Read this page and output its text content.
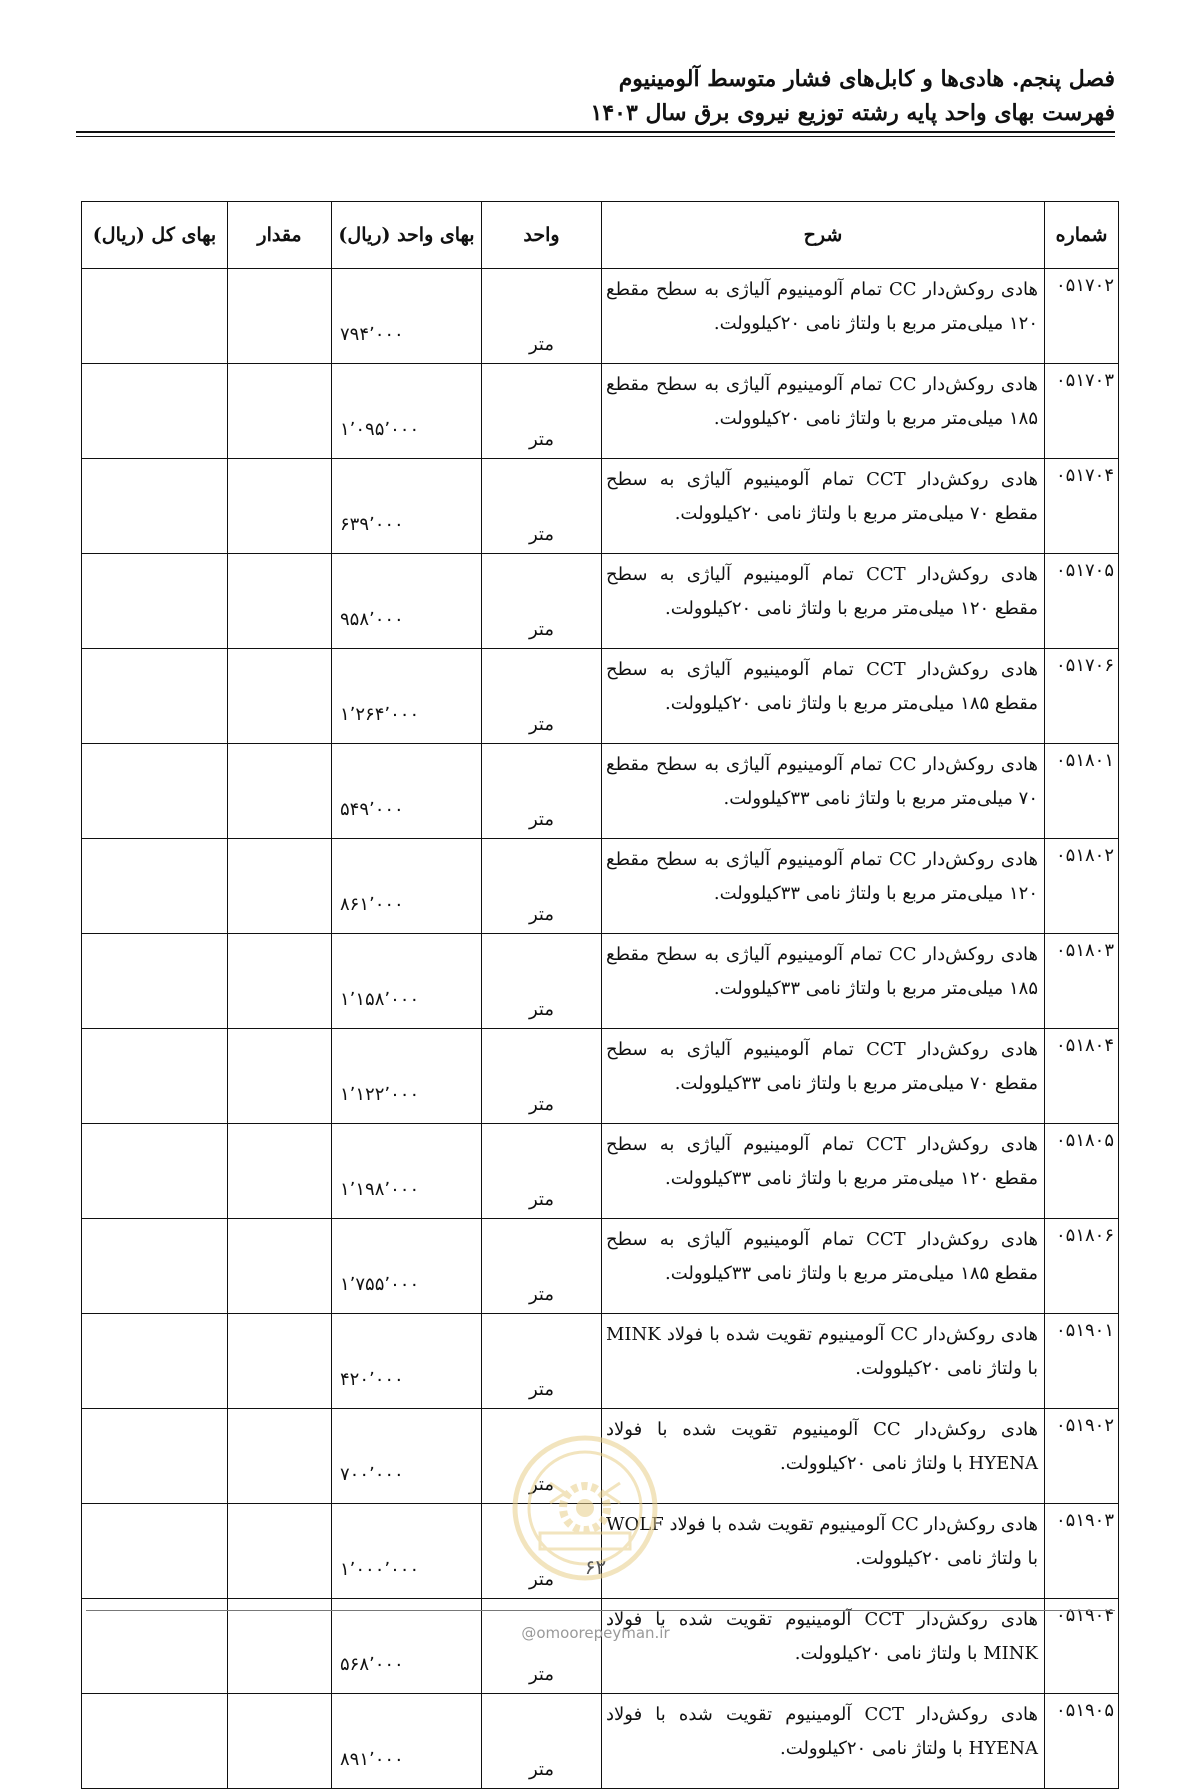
فصل پنجم. هادی‌ها و کابل‌های فشار متوسط آلومینیوم
فهرست بهای واحد پایه رشته توزیع نیروی برق سال ۱۴۰۳
شماره	شرح	واحد	بهای واحد (ریال)	مقدار	بهای کل (ریال)
۰۵۱۷۰۲	هادی روکش‌دار CC تمام آلومینیوم آلیاژی به سطح مقطع ۱۲۰ میلی‌متر مربع با ولتاژ نامی ۲۰کیلوولت.	متر	۷۹۴٬۰۰۰		
۰۵۱۷۰۳	هادی روکش‌دار CC تمام آلومینیوم آلیاژی به سطح مقطع ۱۸۵ میلی‌متر مربع با ولتاژ نامی ۲۰کیلوولت.	متر	۱٬۰۹۵٬۰۰۰		
۰۵۱۷۰۴	هادی روکش‌دار CCT تمام آلومینیوم آلیاژی به سطح مقطع ۷۰ میلی‌متر مربع با ولتاژ نامی ۲۰کیلوولت.	متر	۶۳۹٬۰۰۰		
۰۵۱۷۰۵	هادی روکش‌دار CCT تمام آلومینیوم آلیاژی به سطح مقطع ۱۲۰ میلی‌متر مربع با ولتاژ نامی ۲۰کیلوولت.	متر	۹۵۸٬۰۰۰		
۰۵۱۷۰۶	هادی روکش‌دار CCT تمام آلومینیوم آلیاژی به سطح مقطع ۱۸۵ میلی‌متر مربع با ولتاژ نامی ۲۰کیلوولت.	متر	۱٬۲۶۴٬۰۰۰		
۰۵۱۸۰۱	هادی روکش‌دار CC تمام آلومینیوم آلیاژی به سطح مقطع ۷۰ میلی‌متر مربع با ولتاژ نامی ۳۳کیلوولت.	متر	۵۴۹٬۰۰۰		
۰۵۱۸۰۲	هادی روکش‌دار CC تمام آلومینیوم آلیاژی به سطح مقطع ۱۲۰ میلی‌متر مربع با ولتاژ نامی ۳۳کیلوولت.	متر	۸۶۱٬۰۰۰		
۰۵۱۸۰۳	هادی روکش‌دار CC تمام آلومینیوم آلیاژی به سطح مقطع ۱۸۵ میلی‌متر مربع با ولتاژ نامی ۳۳کیلوولت.	متر	۱٬۱۵۸٬۰۰۰		
۰۵۱۸۰۴	هادی روکش‌دار CCT تمام آلومینیوم آلیاژی به سطح مقطع ۷۰ میلی‌متر مربع با ولتاژ نامی ۳۳کیلوولت.	متر	۱٬۱۲۲٬۰۰۰		
۰۵۱۸۰۵	هادی روکش‌دار CCT تمام آلومینیوم آلیاژی به سطح مقطع ۱۲۰ میلی‌متر مربع با ولتاژ نامی ۳۳کیلوولت.	متر	۱٬۱۹۸٬۰۰۰		
۰۵۱۸۰۶	هادی روکش‌دار CCT تمام آلومینیوم آلیاژی به سطح مقطع ۱۸۵ میلی‌متر مربع با ولتاژ نامی ۳۳کیلوولت.	متر	۱٬۷۵۵٬۰۰۰		
۰۵۱۹۰۱	هادی روکش‌دار CC آلومینیوم تقویت شده با فولاد MINK با ولتاژ نامی ۲۰کیلوولت.	متر	۴۲۰٬۰۰۰		
۰۵۱۹۰۲	هادی روکش‌دار CC آلومینیوم تقویت شده با فولاد HYENA با ولتاژ نامی ۲۰کیلوولت.	متر	۷۰۰٬۰۰۰		
۰۵۱۹۰۳	هادی روکش‌دار CC آلومینیوم تقویت شده با فولاد WOLF با ولتاژ نامی ۲۰کیلوولت.	متر	۱٬۰۰۰٬۰۰۰		
۰۵۱۹۰۴	هادی روکش‌دار CCT آلومینیوم تقویت شده با فولاد MINK با ولتاژ نامی ۲۰کیلوولت.	متر	۵۶۸٬۰۰۰		
۰۵۱۹۰۵	هادی روکش‌دار CCT آلومینیوم تقویت شده با فولاد HYENA با ولتاژ نامی ۲۰کیلوولت.	متر	۸۹۱٬۰۰۰		
۶۲
@omoorepeyman.ir
